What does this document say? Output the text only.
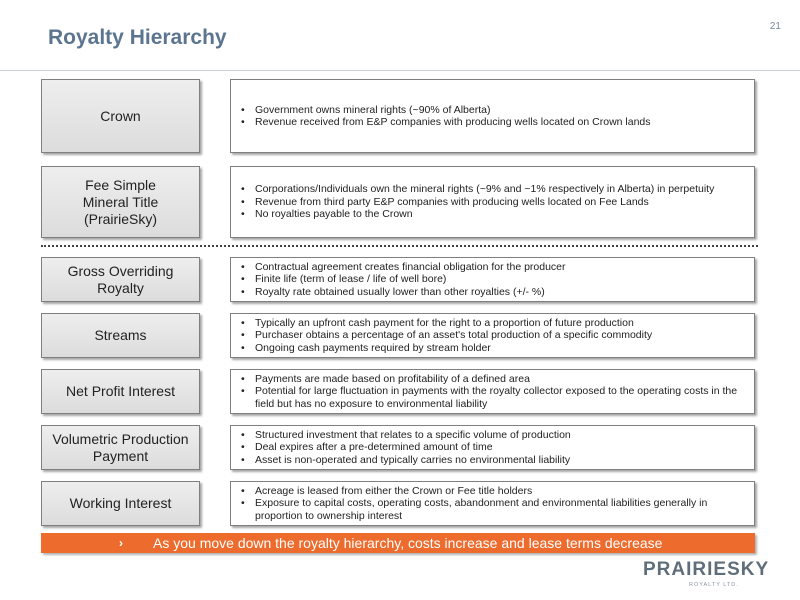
Royalty Hierarchy	21
Crown
•	Government owns mineral rights (~90% of Alberta)
• Revenue received from E&P companies with producing wells located on Crown lands
Fee Simple Mineral Title (PrairieSky)
• Corporations/Individuals own the mineral rights (~9% and ~1% respectively in Alberta) in perpetuity
• Revenue from third party E&P companies with producing wells located on Fee Lands
• No royalties payable to the Crown
Gross Overriding Royalty
• Contractual agreement creates financial obligation for the producer
• Finite life (term of lease / life of well bore)
• Royalty rate obtained usually lower than other royalties (+/- %)
Streams
• Typically an upfront cash payment for the right to a proportion of future production
• Purchaser obtains a percentage of an asset's total production of a specific commodity
• Ongoing cash payments required by stream holder
Net Profit Interest
• Payments are made based on profitability of a defined area
• Potential for large fluctuation in payments with the royalty collector exposed to the operating costs in the field but has no exposure to environmental liability
Volumetric Production Payment
• Structured investment that relates to a specific volume of production
• Deal expires after a pre-determined amount of time
• Asset is non-operated and typically carries no environmental liability
Working Interest
• Acreage is leased from either the Crown or Fee title holders
• Exposure to capital costs, operating costs, abandonment and environmental liabilities generally in proportion to ownership interest
›	As you move down the royalty hierarchy, costs increase and lease terms decrease
PRAIRIESKY
ROYALTY LTD.
